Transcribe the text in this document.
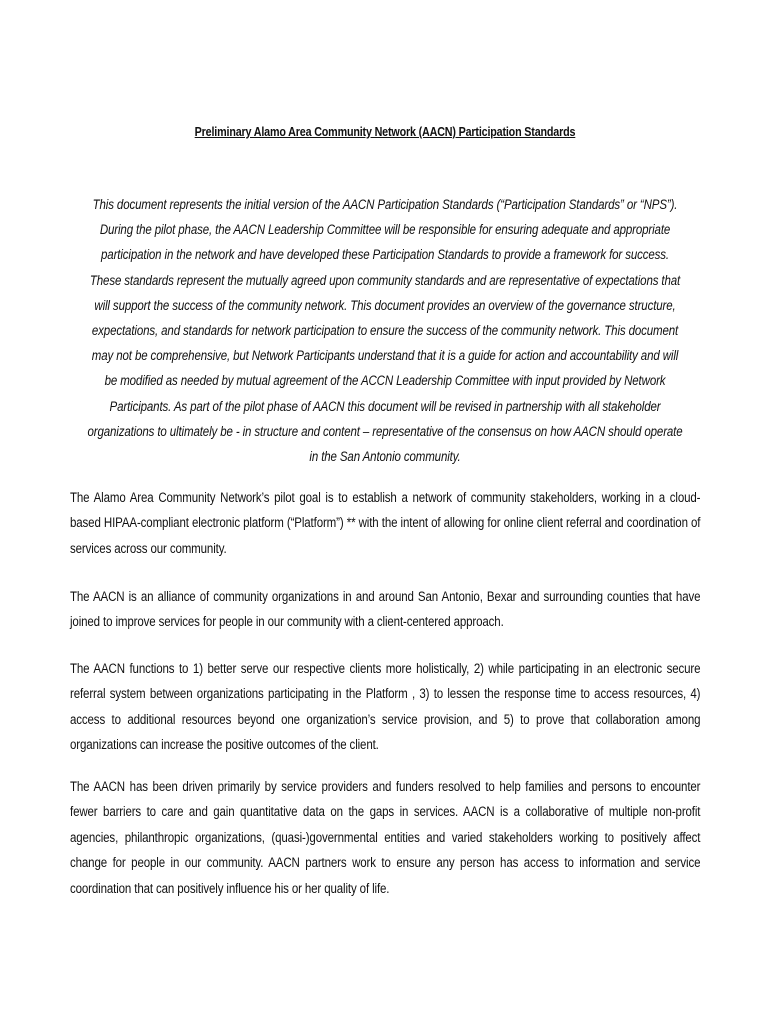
Preliminary Alamo Area Community Network (AACN) Participation Standards

This document represents the initial version of the AACN Participation Standards (“Participation Standards” or “NPS”). During the pilot phase, the AACN Leadership Committee will be responsible for ensuring adequate and appropriate participation in the network and have developed these Participation Standards to provide a framework for success. These standards represent the mutually agreed upon community standards and are representative of expectations that will support the success of the community network. This document provides an overview of the governance structure, expectations, and standards for network participation to ensure the success of the community network. This document may not be comprehensive, but Network Participants understand that it is a guide for action and accountability and will be modified as needed by mutual agreement of the ACCN Leadership Committee with input provided by Network Participants. As part of the pilot phase of AACN this document will be revised in partnership with all stakeholder organizations to ultimately be - in structure and content – representative of the consensus on how AACN should operate in the San Antonio community.

The Alamo Area Community Network’s pilot goal is to establish a network of community stakeholders, working in a cloud-based HIPAA-compliant electronic platform (“Platform”) ** with the intent of allowing for online client referral and coordination of services across our community.

The AACN is an alliance of community organizations in and around San Antonio, Bexar and surrounding counties that have joined to improve services for people in our community with a client-centered approach.

The AACN functions to 1) better serve our respective clients more holistically, 2) while participating in an electronic secure referral system between organizations participating in the Platform , 3) to lessen the response time to access resources, 4) access to additional resources beyond one organization’s service provision, and 5) to prove that collaboration among organizations can increase the positive outcomes of the client.

The AACN has been driven primarily by service providers and funders resolved to help families and persons to encounter fewer barriers to care and gain quantitative data on the gaps in services. AACN is a collaborative of multiple non-profit agencies, philanthropic organizations, (quasi-)governmental entities and varied stakeholders working to positively affect change for people in our community. AACN partners work to ensure any person has access to information and service coordination that can positively influence his or her quality of life.
